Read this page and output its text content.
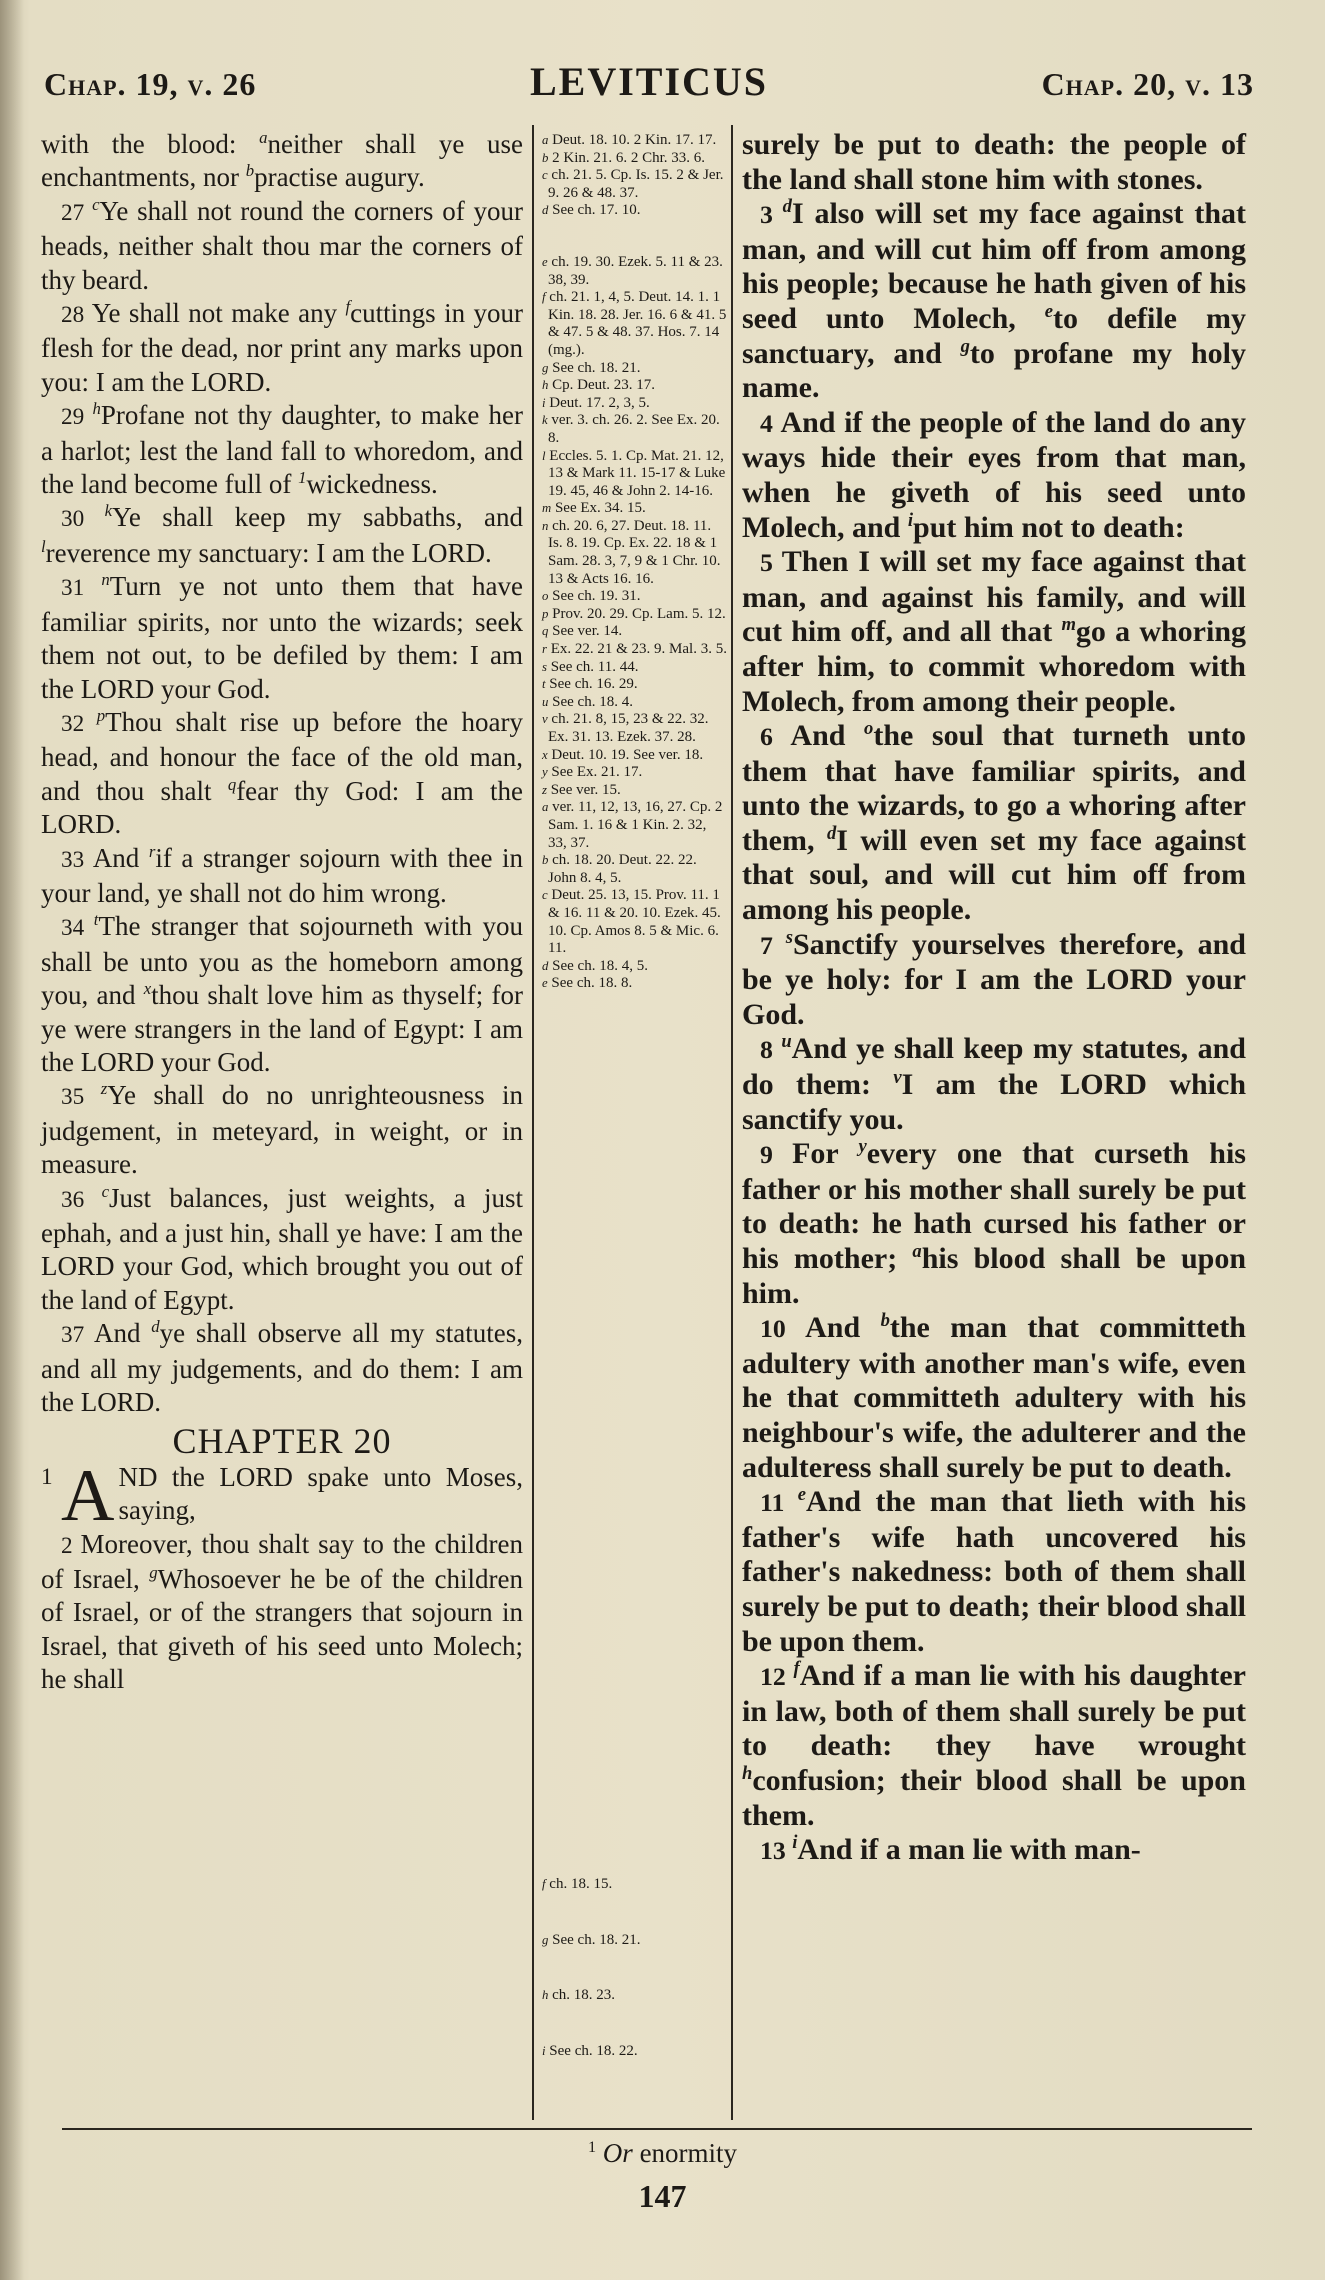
Chap. 19, v. 26	LEVITICUS	Chap. 20, v. 13

with the blood: $^a$neither shall ye use enchantments, nor $^b$practise augury.

27 $^c$Ye shall not round the corners of your heads, neither shalt thou mar the corners of thy beard.

28 Ye shall not make any $^f$cuttings in your flesh for the dead, nor print any marks upon you: I am the LORD.

29 $^h$Profane not thy daughter, to make her a harlot; lest the land fall to whoredom, and the land become full of $^1$wickedness.

30 $^k$Ye shall keep my sabbaths, and $^l$reverence my sanctuary: I am the LORD.

31 $^n$Turn ye not unto them that have familiar spirits, nor unto the wizards; seek them not out, to be defiled by them: I am the LORD your God.

32 $^p$Thou shalt rise up before the hoary head, and honour the face of the old man, and thou shalt $^q$fear thy God: I am the LORD.

33 And $^r$if a stranger sojourn with thee in your land, ye shall not do him wrong.

34 $^t$The stranger that sojourneth with you shall be unto you as the homeborn among you, and $^x$thou shalt love him as thyself; for ye were strangers in the land of Egypt: I am the LORD your God.

35 $^z$Ye shall do no unrighteousness in judgement, in meteyard, in weight, or in measure.

36 $^c$Just balances, just weights, a just ephah, and a just hin, shall ye have: I am the LORD your God, which brought you out of the land of Egypt.

37 And $^d$ye shall observe all my statutes, and all my judgements, and do them: I am the LORD.

CHAPTER 20

1 A ND the LORD spake unto Moses, saying,

2 Moreover, thou shalt say to the children of Israel, $^g$Whosoever he be of the children of Israel, or of the strangers that sojourn in Israel, that giveth of his seed unto Molech; he shall

a Deut. 18. 10. 2 Kin. 17. 17.

b 2 Kin. 21. 6. 2 Chr. 33. 6.

c ch. 21. 5. Cp. Is. 15. 2 & Jer. 9. 26 & 48. 37.

d See ch. 17. 10.

e ch. 19. 30. Ezek. 5. 11 & 23. 38, 39.

f ch. 21. 1, 4, 5. Deut. 14. 1. 1 Kin. 18. 28. Jer. 16. 6 & 41. 5 & 47. 5 & 48. 37. Hos. 7. 14 (mg.).

g See ch. 18. 21.

h Cp. Deut. 23. 17.

i Deut. 17. 2, 3, 5.

k ver. 3. ch. 26. 2. See Ex. 20. 8.

l Eccles. 5. 1. Cp. Mat. 21. 12, 13 & Mark 11. 15-17 & Luke 19. 45, 46 & John 2. 14-16.

m See Ex. 34. 15.

n ch. 20. 6, 27. Deut. 18. 11. Is. 8. 19. Cp. Ex. 22. 18 & 1 Sam. 28. 3, 7, 9 & 1 Chr. 10. 13 & Acts 16. 16.

o See ch. 19. 31.

p Prov. 20. 29. Cp. Lam. 5. 12.

q See ver. 14.

r Ex. 22. 21 & 23. 9. Mal. 3. 5.

s See ch. 11. 44.

t See ch. 16. 29.

u See ch. 18. 4.

v ch. 21. 8, 15, 23 & 22. 32. Ex. 31. 13. Ezek. 37. 28.

x Deut. 10. 19. See ver. 18.

y See Ex. 21. 17.

z See ver. 15.

a ver. 11, 12, 13, 16, 27. Cp. 2 Sam. 1. 16 & 1 Kin. 2. 32, 33, 37.

b ch. 18. 20. Deut. 22. 22. John 8. 4, 5.

c Deut. 25. 13, 15. Prov. 11. 1 & 16. 11 & 20. 10. Ezek. 45. 10. Cp. Amos 8. 5 & Mic. 6. 11.

d See ch. 18. 4, 5.

e See ch. 18. 8.

f ch. 18. 15.

g See ch. 18. 21.

h ch. 18. 23.

i See ch. 18. 22.

surely be put to death: the people of the land shall stone him with stones.

3 $^d$I also will set my face against that man, and will cut him off from among his people; because he hath given of his seed unto Molech, $^e$to defile my sanctuary, and $^g$to profane my holy name.

4 And if the people of the land do any ways hide their eyes from that man, when he giveth of his seed unto Molech, and $^i$put him not to death:

5 Then I will set my face against that man, and against his family, and will cut him off, and all that $^m$go a whoring after him, to commit whoredom with Molech, from among their people.

6 And $^o$the soul that turneth unto them that have familiar spirits, and unto the wizards, to go a whoring after them, $^d$I will even set my face against that soul, and will cut him off from among his people.

7 $^s$Sanctify yourselves therefore, and be ye holy: for I am the LORD your God.

8 $^u$And ye shall keep my statutes, and do them: $^v$I am the LORD which sanctify you.

9 For $^y$every one that curseth his father or his mother shall surely be put to death: he hath cursed his father or his mother; $^a$his blood shall be upon him.

10 And $^b$the man that committeth adultery with another man's wife, even he that committeth adultery with his neighbour's wife, the adulterer and the adulteress shall surely be put to death.

11 $^e$And the man that lieth with his father's wife hath uncovered his father's nakedness: both of them shall surely be put to death; their blood shall be upon them.

12 $^f$And if a man lie with his daughter in law, both of them shall surely be put to death: they have wrought $^h$confusion; their blood shall be upon them.

13 $^i$And if a man lie with man-

$^1$ Or enormity
147
